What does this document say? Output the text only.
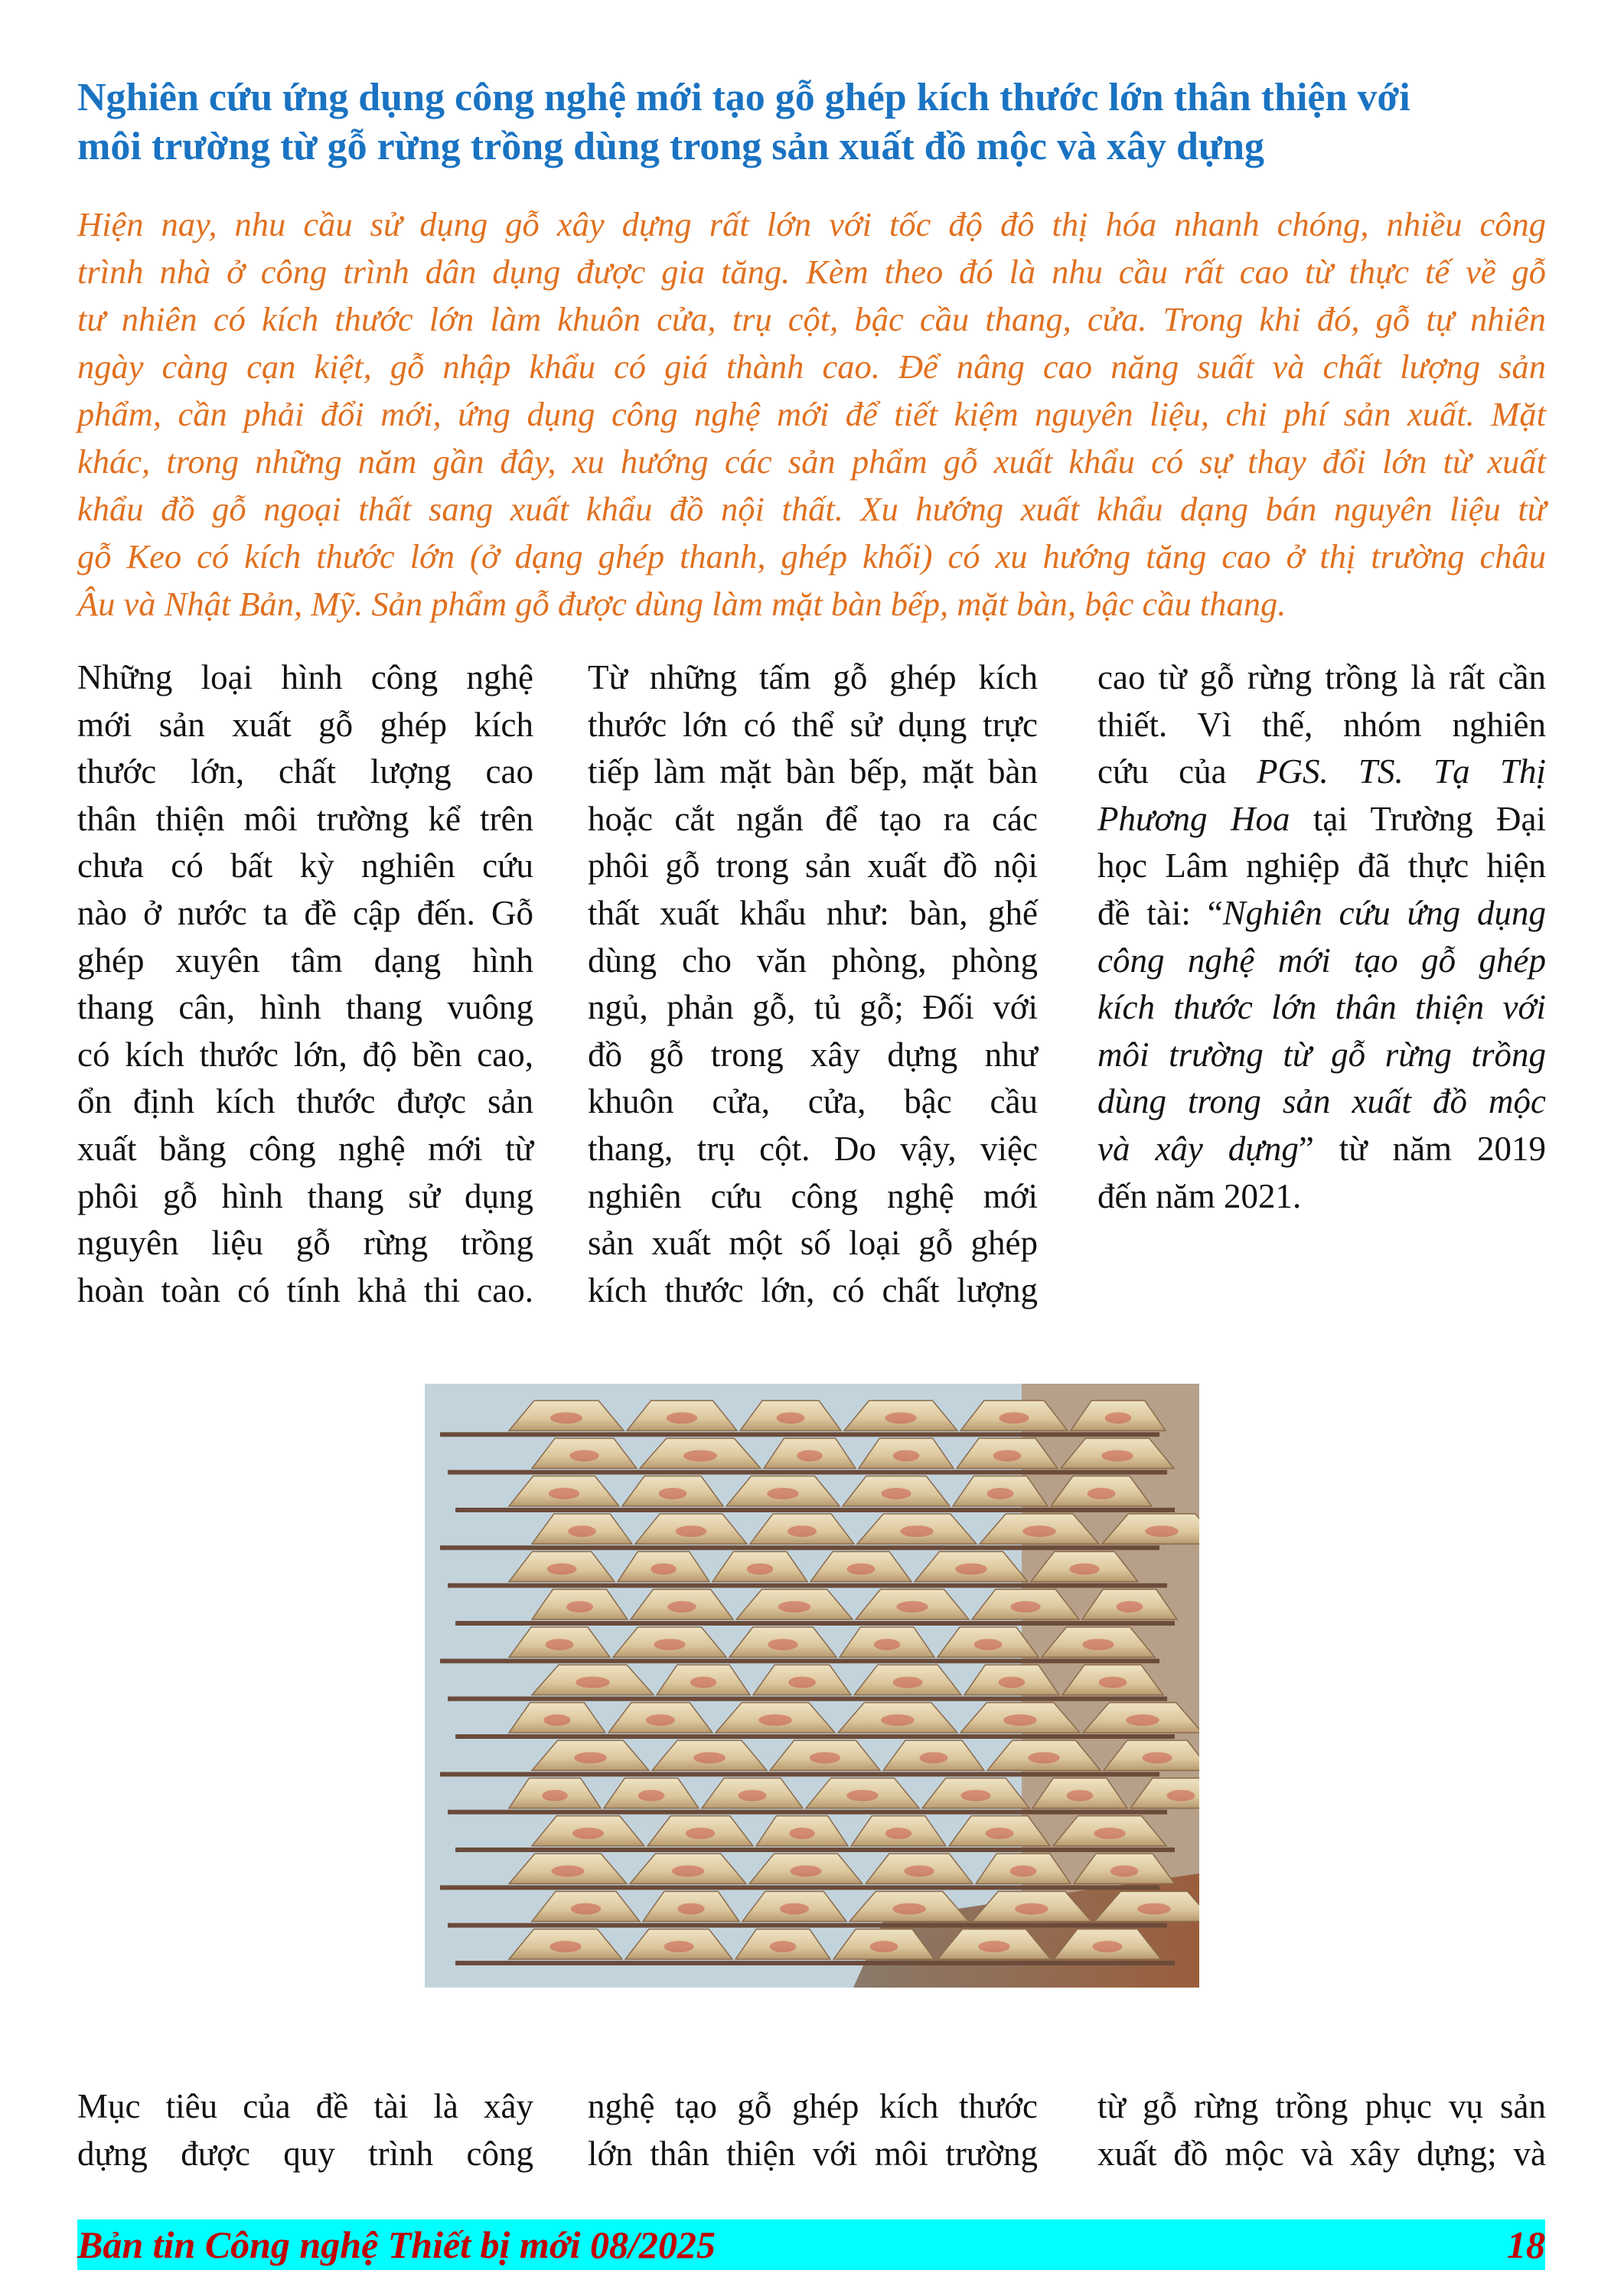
Nghiên cứu ứng dụng công nghệ mới tạo gỗ ghép kích thước lớn thân thiện với
môi trường từ gỗ rừng trồng dùng trong sản xuất đồ mộc và xây dựng
Hiện nay, nhu cầu sử dụng gỗ xây dựng rất lớn với tốc độ đô thị hóa nhanh chóng, nhiều công
trình nhà ở công trình dân dụng được gia tăng. Kèm theo đó là nhu cầu rất cao từ thực tế về gỗ
tư nhiên có kích thước lớn làm khuôn cửa, trụ cột, bậc cầu thang, cửa. Trong khi đó, gỗ tự nhiên
ngày càng cạn kiệt, gỗ nhập khẩu có giá thành cao. Để nâng cao năng suất và chất lượng sản
phẩm, cần phải đổi mới, ứng dụng công nghệ mới để tiết kiệm nguyên liệu, chi phí sản xuất. Mặt
khác, trong những năm gần đây, xu hướng các sản phẩm gỗ xuất khẩu có sự thay đổi lớn từ xuất
khẩu đồ gỗ ngoại thất sang xuất khẩu đồ nội thất. Xu hướng xuất khẩu dạng bán nguyên liệu từ
gỗ Keo có kích thước lớn (ở dạng ghép thanh, ghép khối) có xu hướng tăng cao ở thị trường châu
Âu và Nhật Bản, Mỹ. Sản phẩm gỗ được dùng làm mặt bàn bếp, mặt bàn, bậc cầu thang.
Những loại hình công nghệ
mới sản xuất gỗ ghép kích
thước lớn, chất lượng cao
thân thiện môi trường kể trên
chưa có bất kỳ nghiên cứu
nào ở nước ta đề cập đến. Gỗ
ghép xuyên tâm dạng hình
thang cân, hình thang vuông
có kích thước lớn, độ bền cao,
ổn định kích thước được sản
xuất bằng công nghệ mới từ
phôi gỗ hình thang sử dụng
nguyên liệu gỗ rừng trồng
hoàn toàn có tính khả thi cao.
Từ những tấm gỗ ghép kích
thước lớn có thể sử dụng trực
tiếp làm mặt bàn bếp, mặt bàn
hoặc cắt ngắn để tạo ra các
phôi gỗ trong sản xuất đồ nội
thất xuất khẩu như: bàn, ghế
dùng cho văn phòng, phòng
ngủ, phản gỗ, tủ gỗ; Đối với
đồ gỗ trong xây dựng như
khuôn cửa, cửa, bậc cầu
thang, trụ cột. Do vậy, việc
nghiên cứu công nghệ mới
sản xuất một số loại gỗ ghép
kích thước lớn, có chất lượng
cao từ gỗ rừng trồng là rất cần
thiết. Vì thế, nhóm nghiên
cứu của PGS. TS. Tạ Thị
Phương Hoa tại Trường Đại
học Lâm nghiệp đã thực hiện
đề tài: “Nghiên cứu ứng dụng
công nghệ mới tạo gỗ ghép
kích thước lớn thân thiện với
môi trường từ gỗ rừng trồng
dùng trong sản xuất đồ mộc
và xây dựng” từ năm 2019
đến năm 2021.
Mục tiêu của đề tài là xây
dựng được quy trình công
nghệ tạo gỗ ghép kích thước
lớn thân thiện với môi trường
từ gỗ rừng trồng phục vụ sản
xuất đồ mộc và xây dựng; và
Bản tin Công nghệ Thiết bị mới 08/2025	18
